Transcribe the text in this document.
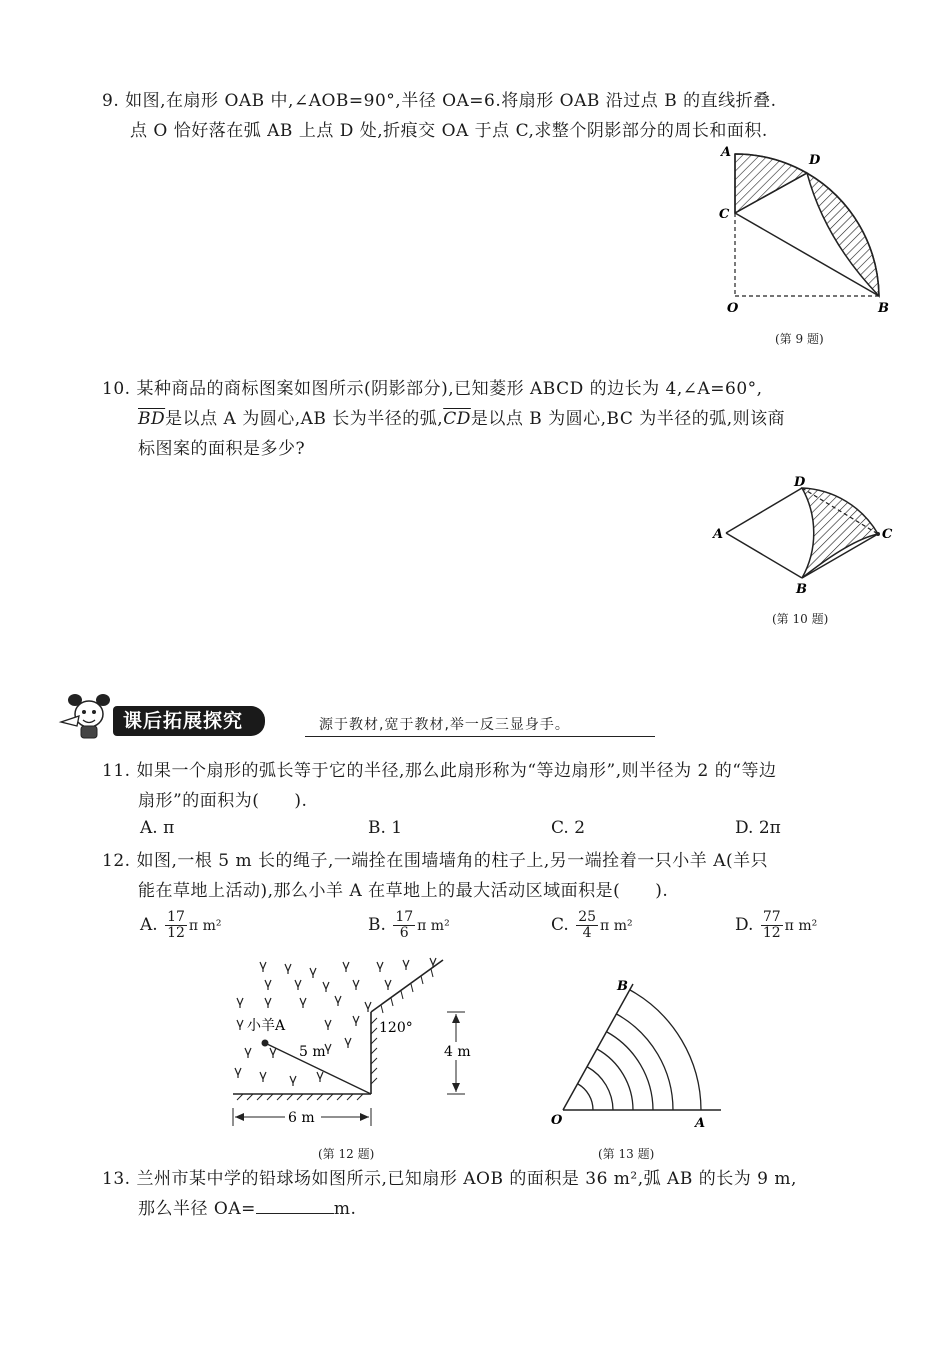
9. 如图,在扇形 OAB 中,∠AOB=90°,半径 OA=6.将扇形 OAB 沿过点 B 的直线折叠.
点 O 恰好落在弧 AB 上点 D 处,折痕交 OA 于点 C,求整个阴影部分的周长和面积.
A
D
C
O	B
(第 9 题)
10. 某种商品的商标图案如图所示(阴影部分),已知菱形 ABCD 的边长为 4,∠A=60°,
$\overline{BD}$是以点 A 为圆心,AB 长为半径的弧$,\overline{CD}$是以点 B 为圆心,BC 为半径的弧,则该商
标图案的面积是多少?
A
D
C
B
(第 10 题)
课后拓展探究	源于教材,宽于教材,举一反三显身手。
11. 如果一个扇形的弧长等于它的半径,那么此扇形称为“等边扇形”,则半径为 2 的“等边
扇形”的面积为(　　).
A. π	B. 1	C. 2	D. 2π
12. 如图,一根 5 m 长的绳子,一端拴在围墙墙角的柱子上,另一端拴着一只小羊 A(羊只
能在草地上活动),那么小羊 A 在草地上的最大活动区域面积是(　　).
A. $\frac{17}{12}$ π m²	B. $\frac{17}{6}$ π m²	C. $\frac{25}{4}$ π m²	D. $\frac{77}{12}$ π m²
小羊A
5 m
120°
4 m
6 m
(第 12 题)
B
O	A
(第 13 题)
13. 兰州市某中学的铅球场如图所示,已知扇形 AOB 的面积是 36 m²,弧 AB 的长为 9 m,
那么半径 OA=	m.
